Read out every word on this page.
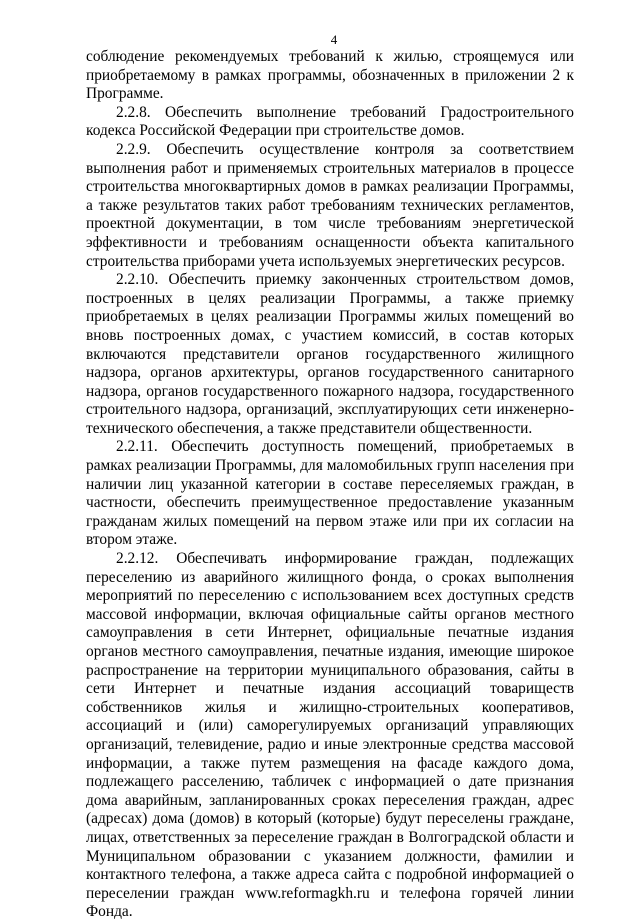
4

соблюдение рекомендуемых требований к жилью, строящемуся или приобретаемому в рамках программы, обозначенных в приложении 2 к Программе.

2.2.8. Обеспечить выполнение требований Градостроительного кодекса Российской Федерации при строительстве домов.

2.2.9. Обеспечить осуществление контроля за соответствием выполнения работ и применяемых строительных материалов в процессе строительства многоквартирных домов в рамках реализации Программы, а также результатов таких работ требованиям технических регламентов, проектной документации, в том числе требованиям энергетической эффективности и требованиям оснащенности объекта капитального строительства приборами учета используемых энергетических ресурсов.

2.2.10. Обеспечить приемку законченных строительством домов, построенных в целях реализации Программы, а также приемку приобретаемых в целях реализации Программы жилых помещений во вновь построенных домах, с участием комиссий, в состав которых включаются представители органов государственного жилищного надзора, органов архитектуры, органов государственного санитарного надзора, органов государственного пожарного надзора, государственного строительного надзора, организаций, эксплуатирующих сети инженерно-технического обеспечения, а также представители общественности.

2.2.11. Обеспечить доступность помещений, приобретаемых в рамках реализации Программы, для маломобильных групп населения при наличии лиц указанной категории в составе переселяемых граждан, в частности, обеспечить преимущественное предоставление указанным гражданам жилых помещений на первом этаже или при их согласии на втором этаже.

2.2.12. Обеспечивать информирование граждан, подлежащих переселению из аварийного жилищного фонда, о сроках выполнения мероприятий по переселению с использованием всех доступных средств массовой информации, включая официальные сайты органов местного самоуправления в сети Интернет, официальные печатные издания органов местного самоуправления, печатные издания, имеющие широкое распространение на территории муниципального образования, сайты в сети Интернет и печатные издания ассоциаций товариществ собственников жилья и жилищно-строительных кооперативов, ассоциаций и (или) саморегулируемых организаций управляющих организаций, телевидение, радио и иные электронные средства массовой информации, а также путем размещения на фасаде каждого дома, подлежащего расселению, табличек с информацией о дате признания дома аварийным, запланированных сроках переселения граждан, адрес (адресах) дома (домов) в который (которые) будут переселены граждане, лицах, ответственных за переселение граждан в Волгоградской области и Муниципальном образовании с указанием должности, фамилии и контактного телефона, а также адреса сайта с подробной информацией о переселении граждан www.reformagkh.ru и телефона горячей линии Фонда.
